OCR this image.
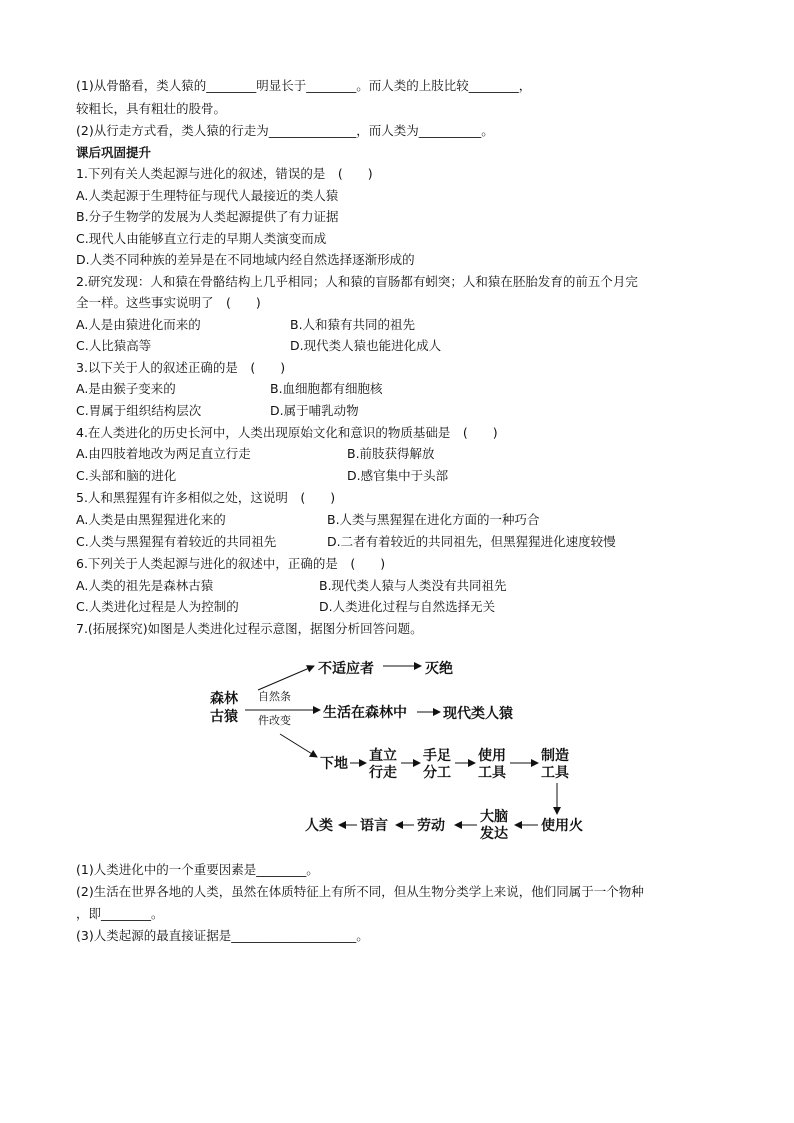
(1)从骨骼看，类人猿的________明显长于________。而人类的上肢比较________，
较粗长，具有粗壮的股骨。
(2)从行走方式看，类人猿的行走为______________，而人类为__________。
课后巩固提升
1.下列有关人类起源与进化的叙述，错误的是　(　　)
A.人类起源于生理特征与现代人最接近的类人猿
B.分子生物学的发展为人类起源提供了有力证据
C.现代人由能够直立行走的早期人类演变而成
D.人类不同种族的差异是在不同地域内经自然选择逐渐形成的
2.研究发现：人和猿在骨骼结构上几乎相同；人和猿的盲肠都有蚓突；人和猿在胚胎发育的前五个月完
全一样。这些事实说明了　(　　)
A.人是由猿进化而来的	B.人和猿有共同的祖先
C.人比猿高等	D.现代类人猿也能进化成人
3.以下关于人的叙述正确的是　(　　)
A.是由猴子变来的	B.血细胞都有细胞核
C.胃属于组织结构层次	D.属于哺乳动物
4.在人类进化的历史长河中，人类出现原始文化和意识的物质基础是　(　　)
A.由四肢着地改为两足直立行走	B.前肢获得解放
C.头部和脑的进化	D.感官集中于头部
5.人和黑猩猩有许多相似之处，这说明　(　　)
A.人类是由黑猩猩进化来的	B.人类与黑猩猩在进化方面的一种巧合
C.人类与黑猩猩有着较近的共同祖先	D.二者有着较近的共同祖先，但黑猩猩进化速度较慢
6.下列关于人类起源与进化的叙述中，正确的是　(　　)
A.人类的祖先是森林古猿	B.现代类人猿与人类没有共同祖先
C.人类进化过程是人为控制的	D.人类进化过程与自然选择无关
7.(拓展探究)如图是人类进化过程示意图，据图分析回答问题。
森林
古猿
不适应者	灭绝
生活在森林中	现代类人猿
下地 直立
行走
手足
分工
使用
工具
制造
工具
使用火
大脑
发达
劳动
语言
人类
自然条
件改变
(1)人类进化中的一个重要因素是________。
(2)生活在世界各地的人类，虽然在体质特征上有所不同，但从生物分类学上来说，他们同属于一个物种
，即________。
(3)人类起源的最直接证据是____________________。
